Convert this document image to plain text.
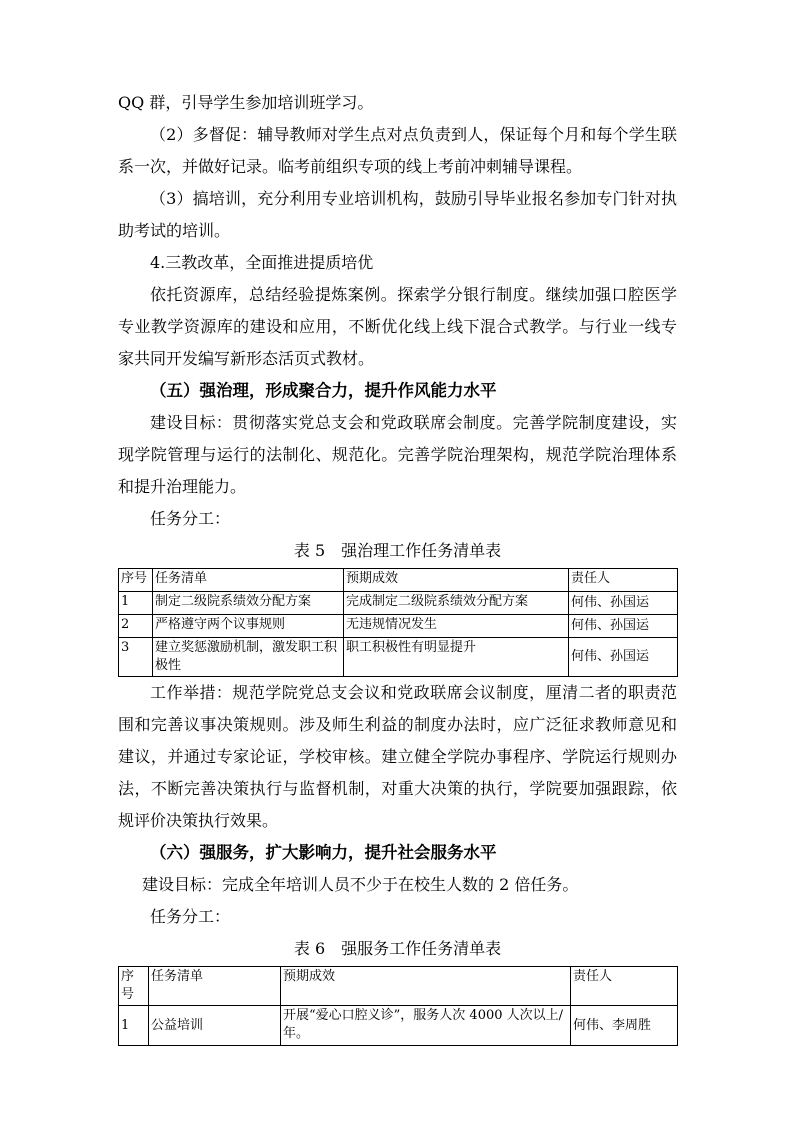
QQ 群，引导学生参加培训班学习。

（2）多督促：辅导教师对学生点对点负责到人，保证每个月和每个学生联系一次，并做好记录。临考前组织专项的线上考前冲刺辅导课程。

（3）搞培训，充分利用专业培训机构，鼓励引导毕业报名参加专门针对执助考试的培训。

4.三教改革，全面推进提质培优

依托资源库，总结经验提炼案例。探索学分银行制度。继续加强口腔医学专业教学资源库的建设和应用，不断优化线上线下混合式教学。与行业一线专家共同开发编写新形态活页式教材。

（五）强治理，形成聚合力，提升作风能力水平

建设目标：贯彻落实党总支会和党政联席会制度。完善学院制度建设，实现学院管理与运行的法制化、规范化。完善学院治理架构，规范学院治理体系和提升治理能力。

任务分工：

表 5　强治理工作任务清单表

序号	任务清单	预期成效	责任人
1	制定二级院系绩效分配方案	完成制定二级院系绩效分配方案	何伟、孙国运
2	严格遵守两个议事规则	无违规情况发生	何伟、孙国运
3	建立奖惩激励机制，激发职工积极性	职工积极性有明显提升	何伟、孙国运

工作举措：规范学院党总支会议和党政联席会议制度，厘清二者的职责范围和完善议事决策规则。涉及师生利益的制度办法时，应广泛征求教师意见和建议，并通过专家论证，学校审核。建立健全学院办事程序、学院运行规则办法，不断完善决策执行与监督机制，对重大决策的执行，学院要加强跟踪，依规评价决策执行效果。

（六）强服务，扩大影响力，提升社会服务水平

建设目标：完成全年培训人员不少于在校生人数的 2 倍任务。

任务分工：

表 6　强服务工作任务清单表

序号	任务清单	预期成效	责任人
1	公益培训	开展“爱心口腔义诊”，服务人次 4000 人次以上/年。	何伟、李周胜
